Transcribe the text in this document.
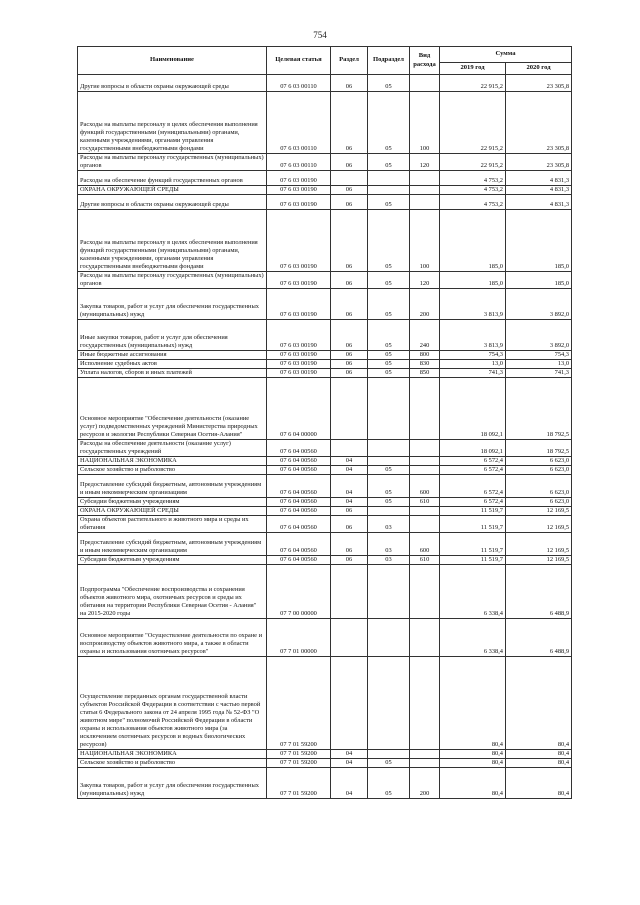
754
Наименование	Целевая статья	Раздел	Подраздел	Вид расхода	Сумма	
					2019 год	2020 год
Другие вопросы в области охраны окружающей среды	07 6 03 00110	06	05		22 915,2	23 305,8
Расходы на выплаты персоналу в целях обеспечения выполнения функций государственными (муниципальными) органами, казенными учреждениями, органами управления государственными внебюджетными фондами	07 6 03 00110	06	05	100	22 915,2	23 305,8
Расходы на выплаты персоналу государственных (муниципальных) органов	07 6 03 00110	06	05	120	22 915,2	23 305,8
Расходы на обеспечение функций государственных органов	07 6 03 00190				4 753,2	4 831,3
ОХРАНА ОКРУЖАЮЩЕЙ СРЕДЫ	07 6 03 00190	06			4 753,2	4 831,3
Другие вопросы в области охраны окружающей среды	07 6 03 00190	06	05		4 753,2	4 831,3
Расходы на выплаты персоналу в целях обеспечения выполнения функций государственными (муниципальными) органами, казенными учреждениями, органами управления государственными внебюджетными фондами	07 6 03 00190	06	05	100	185,0	185,0
Расходы на выплаты персоналу государственных (муниципальных) органов	07 6 03 00190	06	05	120	185,0	185,0
Закупка товаров, работ и услуг для обеспечения государственных (муниципальных) нужд	07 6 03 00190	06	05	200	3 813,9	3 892,0
Иные закупки товаров, работ и услуг для обеспечения государственных (муниципальных) нужд	07 6 03 00190	06	05	240	3 813,9	3 892,0
Иные бюджетные ассигнования	07 6 03 00190	06	05	800	754,3	754,3
Исполнение судебных актов	07 6 03 00190	06	05	830	13,0	13,0
Уплата налогов, сборов и иных платежей	07 6 03 00190	06	05	850	741,3	741,3
Основное мероприятие "Обеспечение деятельности (оказание услуг) подведомственных учреждений Министерства природных ресурсов и экологии Республики Северная Осетия-Алания"	07 6 04 00000				18 092,1	18 792,5
Расходы на обеспечение деятельности (оказание услуг) государственных учреждений	07 6 04 00560				18 092,1	18 792,5
НАЦИОНАЛЬНАЯ ЭКОНОМИКА	07 6 04 00560	04			6 572,4	6 623,0
Сельское хозяйство и рыболовство	07 6 04 00560	04	05		6 572,4	6 623,0
Предоставление субсидий бюджетным, автономным учреждениям и иным некоммерческим организациям	07 6 04 00560	04	05	600	6 572,4	6 623,0
Субсидии бюджетным учреждениям	07 6 04 00560	04	05	610	6 572,4	6 623,0
ОХРАНА ОКРУЖАЮЩЕЙ СРЕДЫ	07 6 04 00560	06			11 519,7	12 169,5
Охрана объектов растительного и животного мира и среды их обитания	07 6 04 00560	06	03		11 519,7	12 169,5
Предоставление субсидий бюджетным, автономным учреждениям и иным некоммерческим организациям	07 6 04 00560	06	03	600	11 519,7	12 169,5
Субсидии бюджетным учреждениям	07 6 04 00560	06	03	610	11 519,7	12 169,5
Подпрограмма "Обеспечение воспроизводства и сохранения объектов животного мира, охотничьих ресурсов и среды их обитания на территории Республики Северная Осетия - Алания" на 2015-2020 годы	07 7 00 00000				6 338,4	6 488,9
Основное мероприятие "Осуществление деятельности по охране и воспроизводству объектов животного мира, а также в области охраны и использования охотничьих ресурсов"	07 7 01 00000				6 338,4	6 488,9
Осуществление переданных органам государственной власти субъектов Российской Федерации в соответствии с частью первой статьи 6 Федерального закона от 24 апреля 1995 года № 52-ФЗ "О животном мире" полномочий Российской Федерации в области охраны и использования объектов животного мира (за исключением охотничьих ресурсов и водных биологических ресурсов)	07 7 01 59200				80,4	80,4
НАЦИОНАЛЬНАЯ ЭКОНОМИКА	07 7 01 59200	04			80,4	80,4
Сельское хозяйство и рыболовство	07 7 01 59200	04	05		80,4	80,4
Закупка товаров, работ и услуг для обеспечения государственных (муниципальных) нужд	07 7 01 59200	04	05	200	80,4	80,4
